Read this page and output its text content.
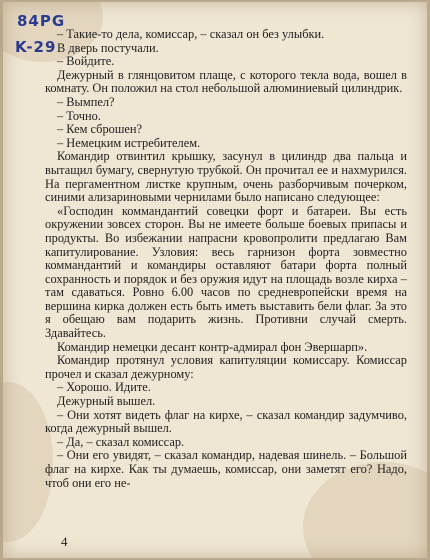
84PG
K-29

– Такие-то дела, комиссар, – сказал он без улыбки.

В дверь постучали.

– Войдите.

Дежурный в глянцовитом плаще, с которого текла вода, вошел в комнату. Он положил на стол небольшой алюминиевый цилиндрик.

– Вымпел?

– Точно.

– Кем сброшен?

– Немецким истребителем.

Командир отвинтил крышку, засунул в цилиндр два пальца и вытащил бумагу, свернутую трубкой. Он прочитал ее и нахмурился. На пергаментном листке крупным, очень разборчивым почерком, синими ализариновыми чернилами было написано следующее:

«Господин коммандантий совецки форт и батареи. Вы есть окружении зовсех сторон. Вы не имеете больше боевых припасы и продукты. Во избежании напрасни кровопролити предлагаю Вам капитулирование. Узловия: весь гарнизон форта зовместно коммандантий и командиры оставляют батари форта полный сохранность и порядок и без оружия идут на площадь возле кирха – там сдаваться. Ровно 6.00 часов по средневропейски время на вершина кирка должен есть быть иметь выставить бели флаг. За это я обещаю вам подарить жизнь. Противни случай смерть. Здавайтесь.

Командир немецки десант контр-адмирал фон Эвершарп».

Командир протянул условия капитуляции комиссару. Комиссар прочел и сказал дежурному:

– Хорошо. Идите.

Дежурный вышел.

– Они хотят видеть флаг на кирхе, – сказал командир задумчиво, когда дежурный вышел.

– Да, – сказал комиссар.

– Они его увидят, – сказал командир, надевая шинель. – Большой флаг на кирхе. Как ты думаешь, комиссар, они заметят его? Надо, чтоб они его не-

4
